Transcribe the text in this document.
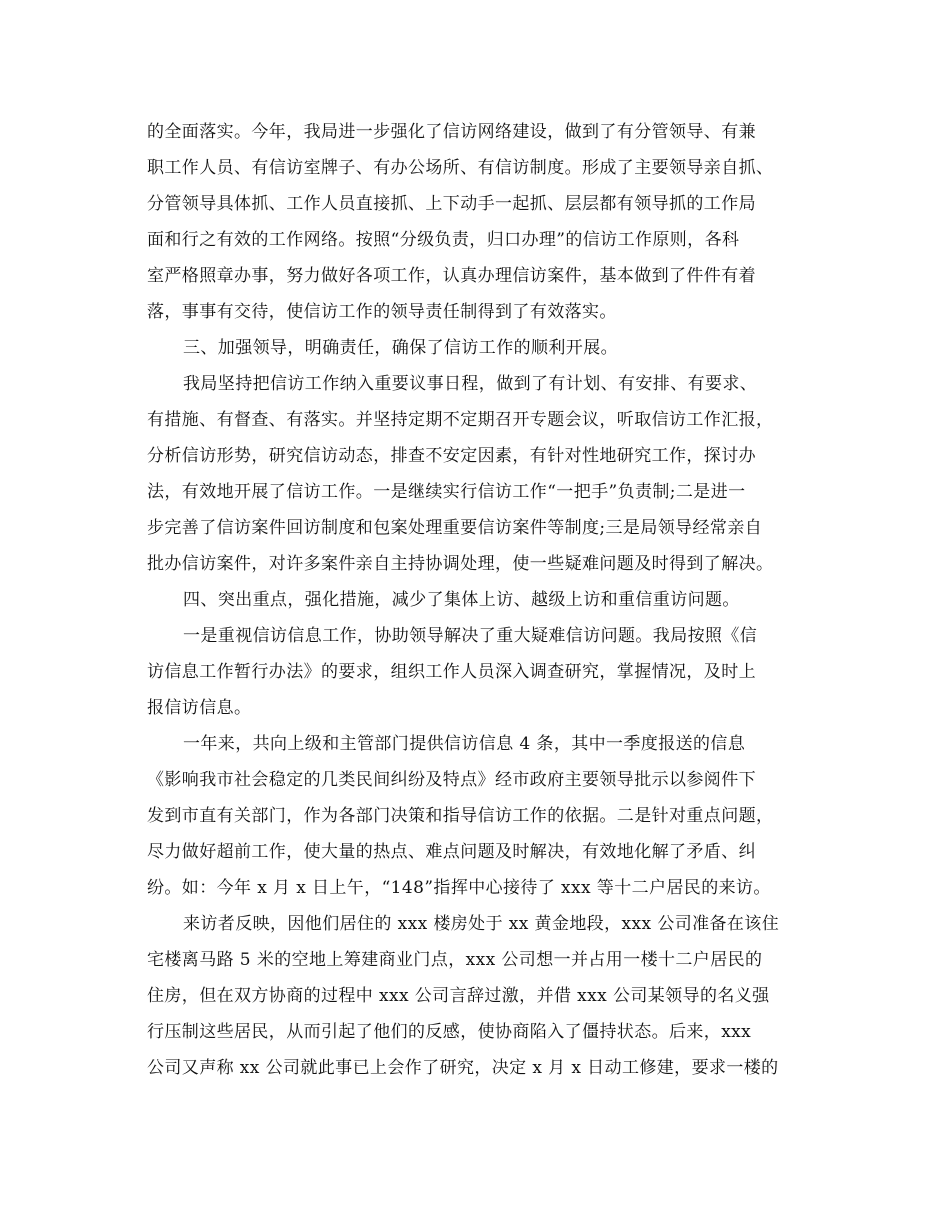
的全面落实。今年，我局进一步强化了信访网络建设，做到了有分管领导、有兼
职工作人员、有信访室牌子、有办公场所、有信访制度。形成了主要领导亲自抓、
分管领导具体抓、工作人员直接抓、上下动手一起抓、层层都有领导抓的工作局
面和行之有效的工作网络。按照“分级负责，归口办理”的信访工作原则，各科
室严格照章办事，努力做好各项工作，认真办理信访案件，基本做到了件件有着
落，事事有交待，使信访工作的领导责任制得到了有效落实。
三、加强领导，明确责任，确保了信访工作的顺利开展。
我局坚持把信访工作纳入重要议事日程，做到了有计划、有安排、有要求、
有措施、有督查、有落实。并坚持定期不定期召开专题会议，听取信访工作汇报，
分析信访形势，研究信访动态，排查不安定因素，有针对性地研究工作，探讨办
法，有效地开展了信访工作。一是继续实行信访工作“一把手”负责制;二是进一
步完善了信访案件回访制度和包案处理重要信访案件等制度;三是局领导经常亲自
批办信访案件，对许多案件亲自主持协调处理，使一些疑难问题及时得到了解决。
四、突出重点，强化措施，减少了集体上访、越级上访和重信重访问题。
一是重视信访信息工作，协助领导解决了重大疑难信访问题。我局按照《信
访信息工作暂行办法》的要求，组织工作人员深入调查研究，掌握情况，及时上
报信访信息。
一年来，共向上级和主管部门提供信访信息 4 条，其中一季度报送的信息
《影响我市社会稳定的几类民间纠纷及特点》经市政府主要领导批示以参阅件下
发到市直有关部门，作为各部门决策和指导信访工作的依据。二是针对重点问题，
尽力做好超前工作，使大量的热点、难点问题及时解决，有效地化解了矛盾、纠
纷。如：今年 x 月 x 日上午，“148”指挥中心接待了 xxx 等十二户居民的来访。
来访者反映，因他们居住的 xxx 楼房处于 xx 黄金地段，xxx 公司准备在该住
宅楼离马路 5 米的空地上筹建商业门点，xxx 公司想一并占用一楼十二户居民的
住房，但在双方协商的过程中 xxx 公司言辞过激，并借 xxx 公司某领导的名义强
行压制这些居民，从而引起了他们的反感，使协商陷入了僵持状态。后来，xxx
公司又声称 xx 公司就此事已上会作了研究，决定 x 月 x 日动工修建，要求一楼的
